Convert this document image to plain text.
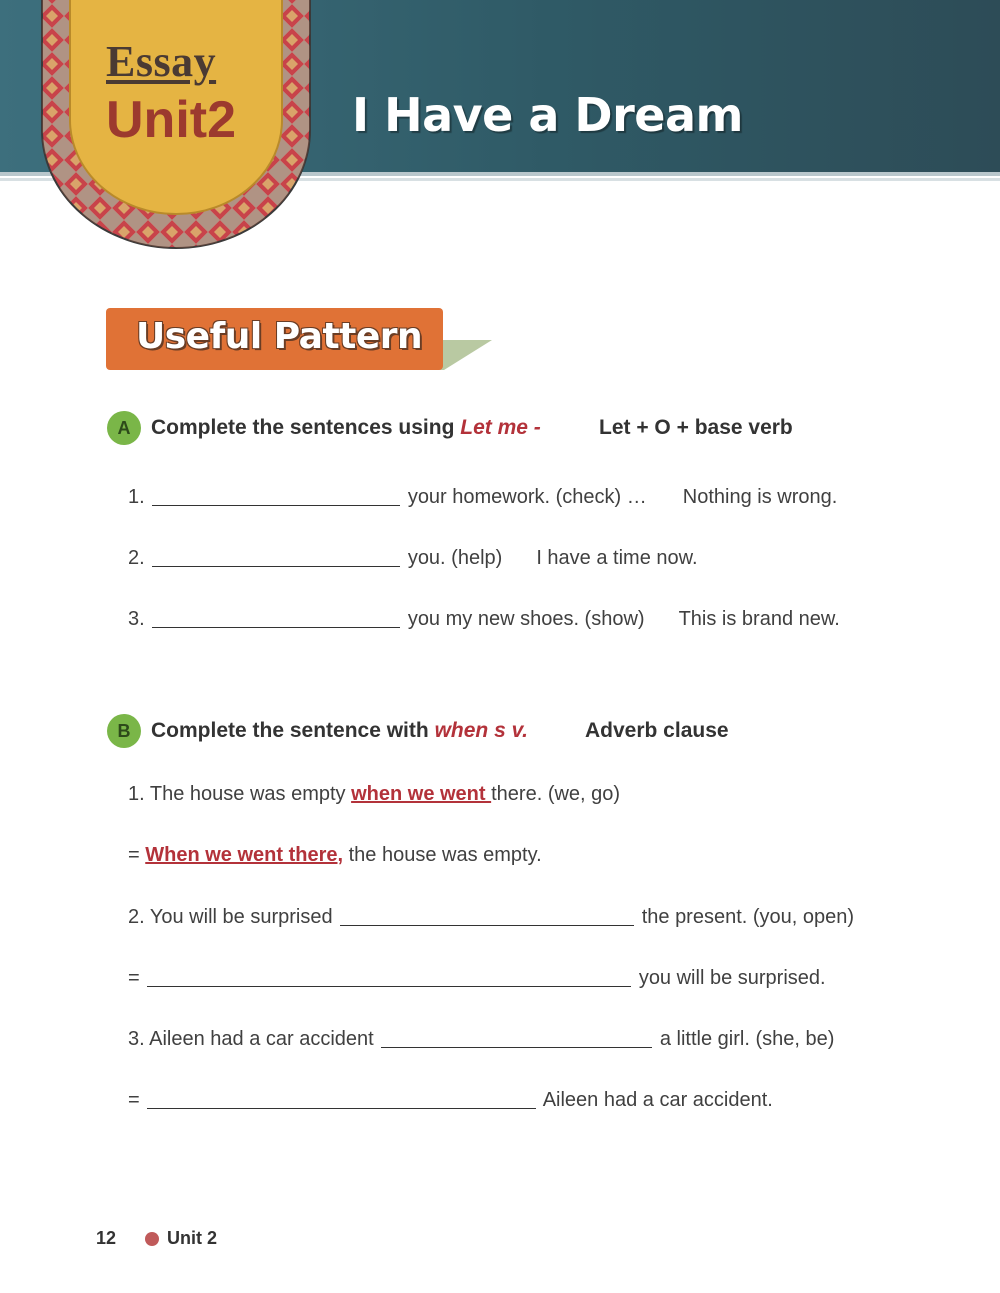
Essay
Unit2	I Have a Dream
Useful Pattern
A Complete the sentences using Let me -	Let + O + base verb
1.	your homework. (check) … Nothing is wrong.
2.	you. (help) I have a time now.
3.	you my new shoes. (show) This is brand new.
B Complete the sentence with when s v.	Adverb clause
1. The house was empty when we went there. (we, go)
= When we went there, the house was empty.
2. You will be surprised	the present. (you, open)
=	you will be surprised.
3. Aileen had a car accident	a little girl. (she, be)
=	Aileen had a car accident.
12	Unit 2
